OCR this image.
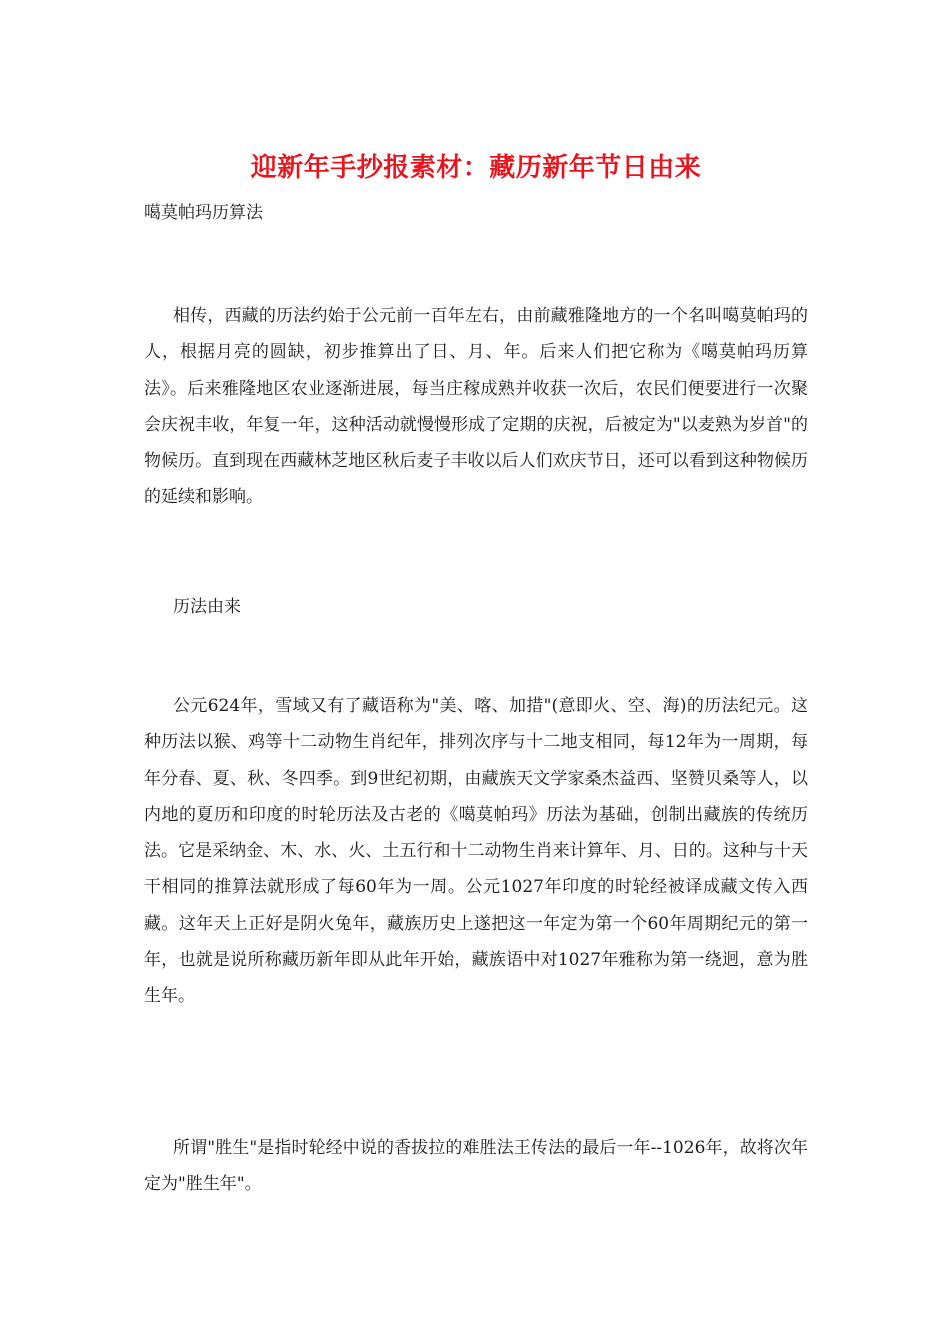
迎新年手抄报素材：藏历新年节日由来
噶莫帕玛历算法

相传，西藏的历法约始于公元前一百年左右，由前藏雅隆地方的一个名叫噶莫帕玛的人，根据月亮的圆缺，初步推算出了日、月、年。后来人们把它称为《噶莫帕玛历算法》。后来雅隆地区农业逐渐进展，每当庄稼成熟并收获一次后，农民们便要进行一次聚会庆祝丰收，年复一年，这种活动就慢慢形成了定期的庆祝，后被定为"以麦熟为岁首"的物候历。直到现在西藏林芝地区秋后麦子丰收以后人们欢庆节日，还可以看到这种物候历的延续和影响。

历法由来

公元624年，雪域又有了藏语称为"美、喀、加措"(意即火、空、海)的历法纪元。这种历法以猴、鸡等十二动物生肖纪年，排列次序与十二地支相同，每12年为一周期，每年分春、夏、秋、冬四季。到9世纪初期，由藏族天文学家桑杰益西、坚赞贝桑等人，以内地的夏历和印度的时轮历法及古老的《噶莫帕玛》历法为基础，创制出藏族的传统历法。它是采纳金、木、水、火、土五行和十二动物生肖来计算年、月、日的。这种与十天干相同的推算法就形成了每60年为一周。公元1027年印度的时轮经被译成藏文传入西藏。这年天上正好是阴火兔年，藏族历史上遂把这一年定为第一个60年周期纪元的第一年，也就是说所称藏历新年即从此年开始，藏族语中对1027年雅称为第一绕迥，意为胜生年。

所谓"胜生"是指时轮经中说的香拔拉的难胜法王传法的最后一年--1026年，故将次年定为"胜生年"。
